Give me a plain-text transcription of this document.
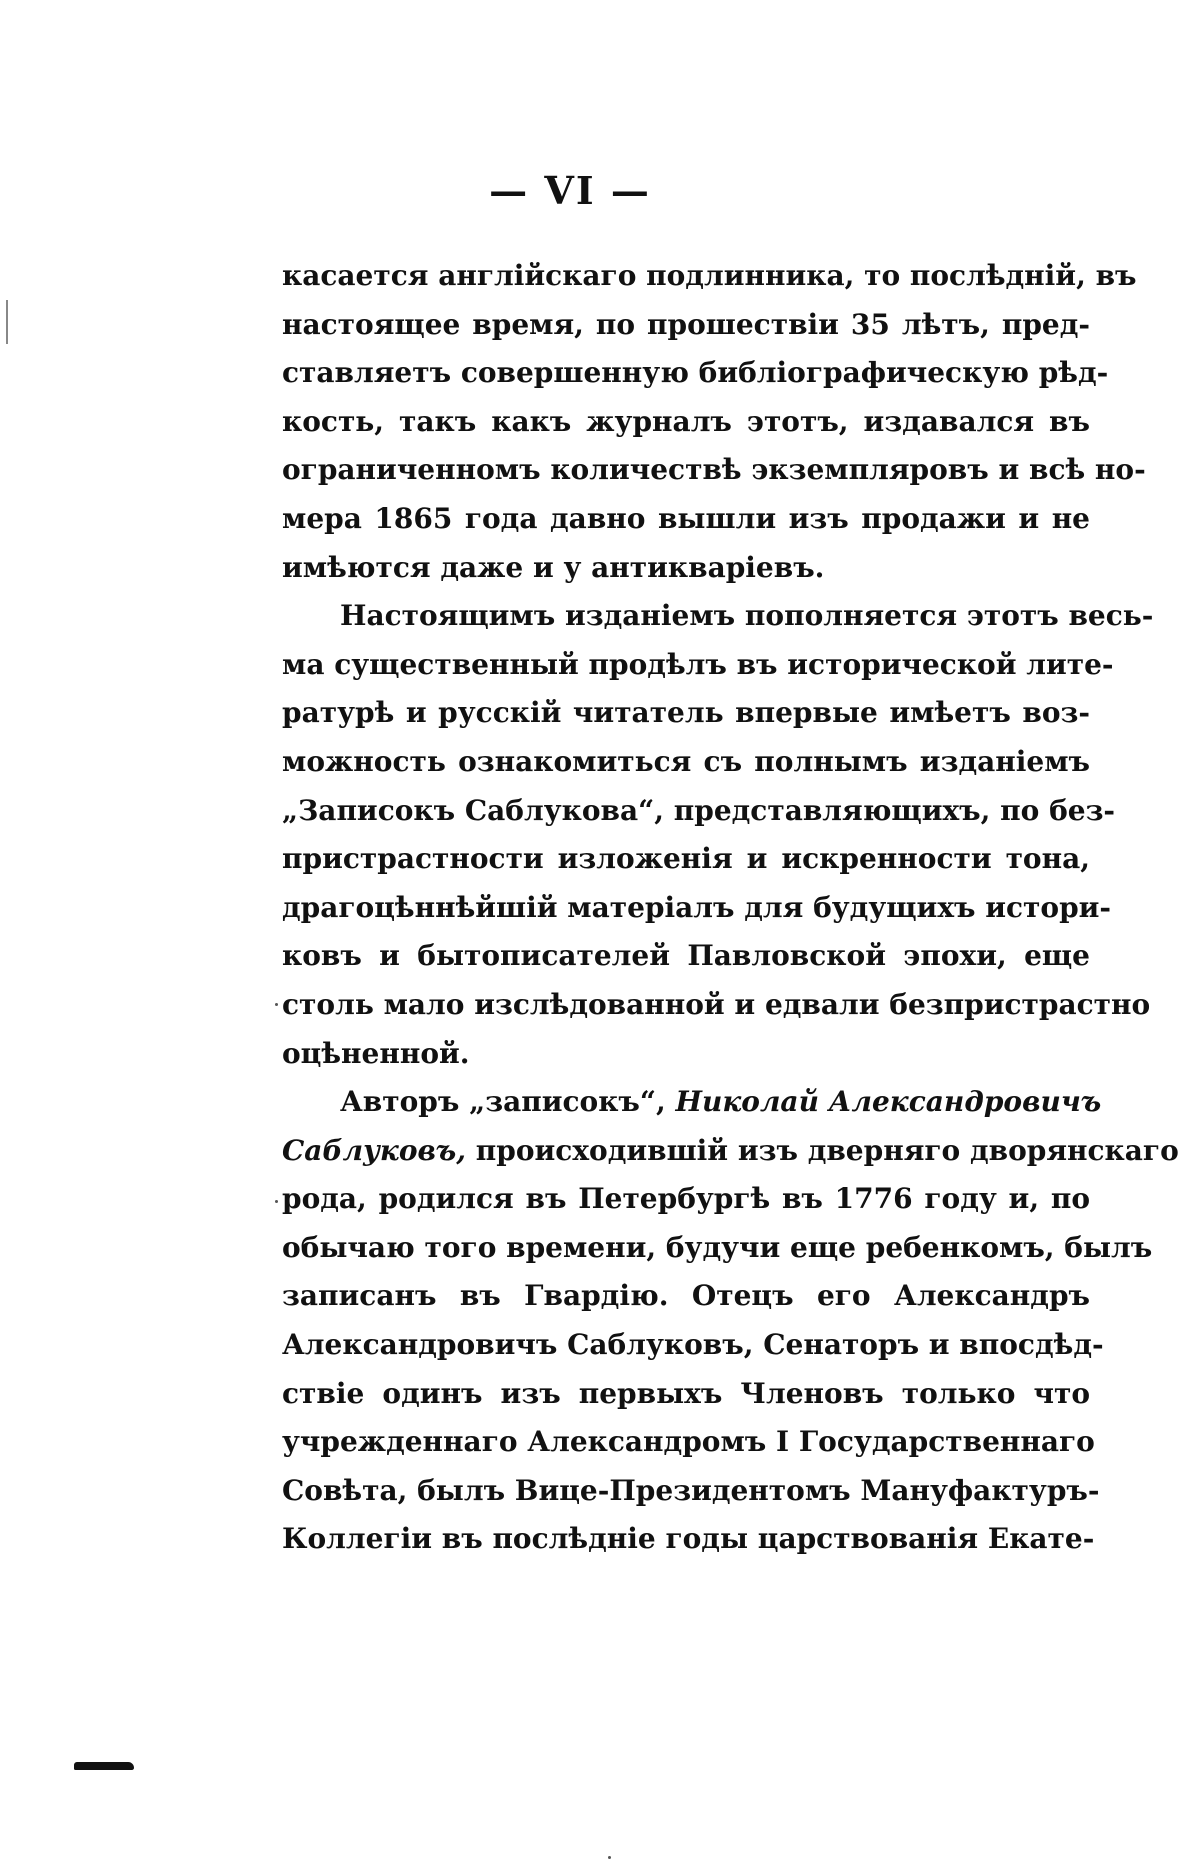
— VI —
касается англійскаго подлинника, то послѣдній, въ
настоящее время, по прошествіи 35 лѣтъ, пред-
ставляетъ совершенную библіографическую рѣд-
кость, такъ какъ журналъ этотъ, издавался въ
ограниченномъ количествѣ экземпляровъ и всѣ но-
мера 1865 года давно вышли изъ продажи и не
имѣются даже и у антикваріевъ.
Настоящимъ изданіемъ пополняется этотъ весь-
ма существенный продѣлъ въ исторической лите-
ратурѣ и русскій читатель впервые имѣетъ воз-
можность ознакомиться съ полнымъ изданіемъ
„Записокъ Саблукова“, представляющихъ, по без-
пристрастности изложенія и искренности тона,
драгоцѣннѣйшій матеріалъ для будущихъ истори-
ковъ и бытописателей Павловской эпохи, еще
столь мало изслѣдованной и едвали безпристрастно
оцѣненной.
Авторъ „записокъ“, Николай Александровичъ
Саблуковъ, происходившій изъ дверняго дворянскаго
рода, родился въ Петербургѣ въ 1776 году и, по
обычаю того времени, будучи еще ребенкомъ, былъ
записанъ въ Гвардію. Отецъ его Александръ
Александровичъ Саблуковъ, Сенаторъ и впосдѣд-
ствіе одинъ изъ первыхъ Членовъ только что
учрежденнаго Александромъ I Государственнаго
Совѣта, былъ Вице-Президентомъ Мануфактуръ-
Коллегіи въ послѣдніе годы царствованія Екате-
